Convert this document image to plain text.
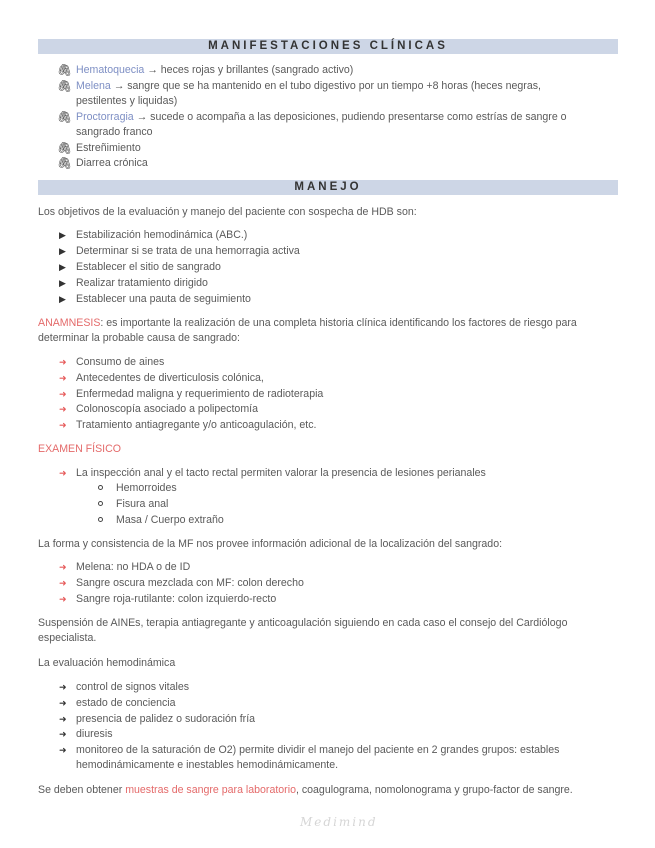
MANIFESTACIONES CLÍNICAS
🖇 Hematoquecia → heces rojas y brillantes (sangrado activo)
🖇 Melena → sangre que se ha mantenido en el tubo digestivo por un tiempo +8 horas (heces negras,
pestilentes y liquidas)
🖇 Proctorragia → sucede o acompaña a las deposiciones, pudiendo presentarse como estrías de sangre o
sangrado franco
🖇 Estreñimiento
🖇 Diarrea crónica
MANEJO
Los objetivos de la evaluación y manejo del paciente con sospecha de HDB son:
▶ Estabilización hemodinámica (ABC.)
▶ Determinar si se trata de una hemorragia activa
▶ Establecer el sitio de sangrado
▶ Realizar tratamiento dirigido
▶ Establecer una pauta de seguimiento
ANAMNESIS: es importante la realización de una completa historia clínica identificando los factores de riesgo para
determinar la probable causa de sangrado:
➜ Consumo de aines
➜ Antecedentes de diverticulosis colónica,
➜ Enfermedad maligna y requerimiento de radioterapia
➜ Colonoscopía asociado a polipectomía
➜ Tratamiento antiagregante y/o anticoagulación, etc.
EXAMEN FÍSICO
➜ La inspección anal y el tacto rectal permiten valorar la presencia de lesiones perianales
Hemorroides
Fisura anal
Masa / Cuerpo extraño
La forma y consistencia de la MF nos provee información adicional de la localización del sangrado:
➜ Melena: no HDA o de ID
➜ Sangre oscura mezclada con MF: colon derecho
➜ Sangre roja-rutilante: colon izquierdo-recto
Suspensión de AINEs, terapia antiagregante y anticoagulación siguiendo en cada caso el consejo del Cardiólogo
especialista.
La evaluación hemodinámica
➜ control de signos vitales
➜ estado de conciencia
➜ presencia de palidez o sudoración fría
➜ diuresis
➜ monitoreo de la saturación de O2) permite dividir el manejo del paciente en 2 grandes grupos: estables
hemodinámicamente e inestables hemodinámicamente.
Se deben obtener muestras de sangre para laboratorio, coagulograma, nomolonograma y grupo-factor de sangre.
Medimind
